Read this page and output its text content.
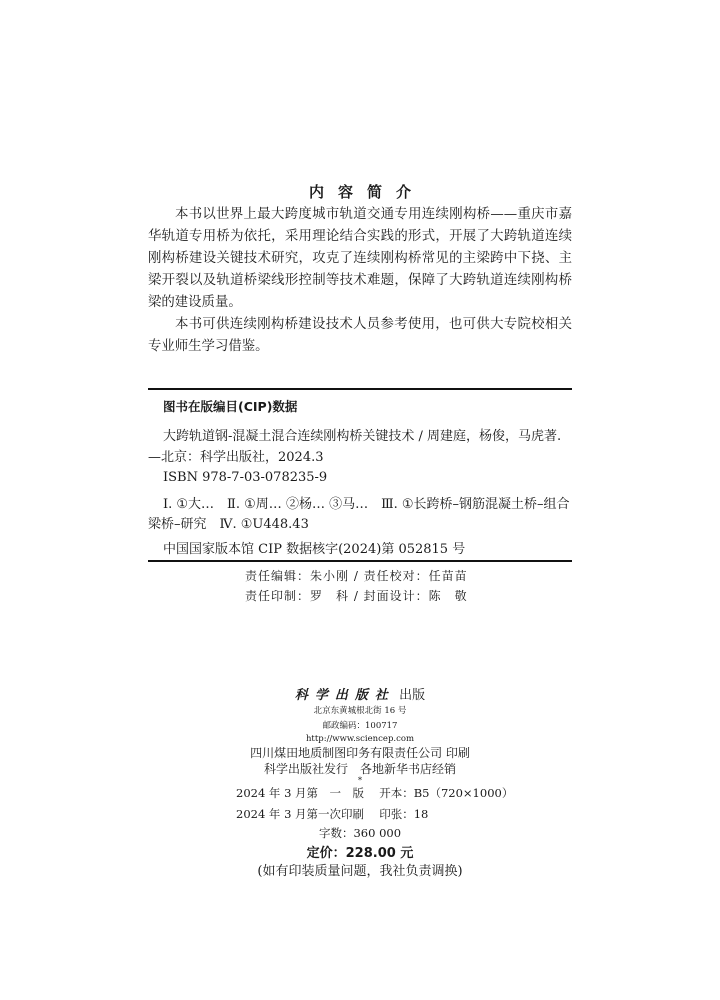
内容简介

本书以世界上最大跨度城市轨道交通专用连续刚构桥——重庆市嘉华轨道专用桥为依托，采用理论结合实践的形式，开展了大跨轨道连续刚构桥建设关键技术研究，攻克了连续刚构桥常见的主梁跨中下挠、主梁开裂以及轨道桥梁线形控制等技术难题，保障了大跨轨道连续刚构桥梁的建设质量。

本书可供连续刚构桥建设技术人员参考使用，也可供大专院校相关专业师生学习借鉴。

图书在版编目(CIP)数据

大跨轨道钢-混凝土混合连续刚构桥关键技术 / 周建庭，杨俊，马虎著. —北京：科学出版社，2024.3

ISBN 978-7-03-078235-9

Ⅰ. ①大…　Ⅱ. ①周… ②杨… ③马…　Ⅲ. ①长跨桥–钢筋混凝土桥–组合梁桥–研究　Ⅳ. ①U448.43

中国国家版本馆 CIP 数据核字(2024)第 052815 号

责任编辑：朱小刚 / 责任校对：任苗苗
责任印制：罗　科 / 封面设计：陈　敬
科学出版社 出版
北京东黄城根北街 16 号
邮政编码：100717
http://www.sciencep.com
四川煤田地质制图印务有限责任公司 印刷
科学出版社发行　各地新华书店经销
*
2024 年 3 月第　一　版　 开本：B5（720×1000）
2024 年 3 月第一次印刷　 印张：18
字数：360 000
定价：228.00 元
(如有印装质量问题，我社负责调换)
